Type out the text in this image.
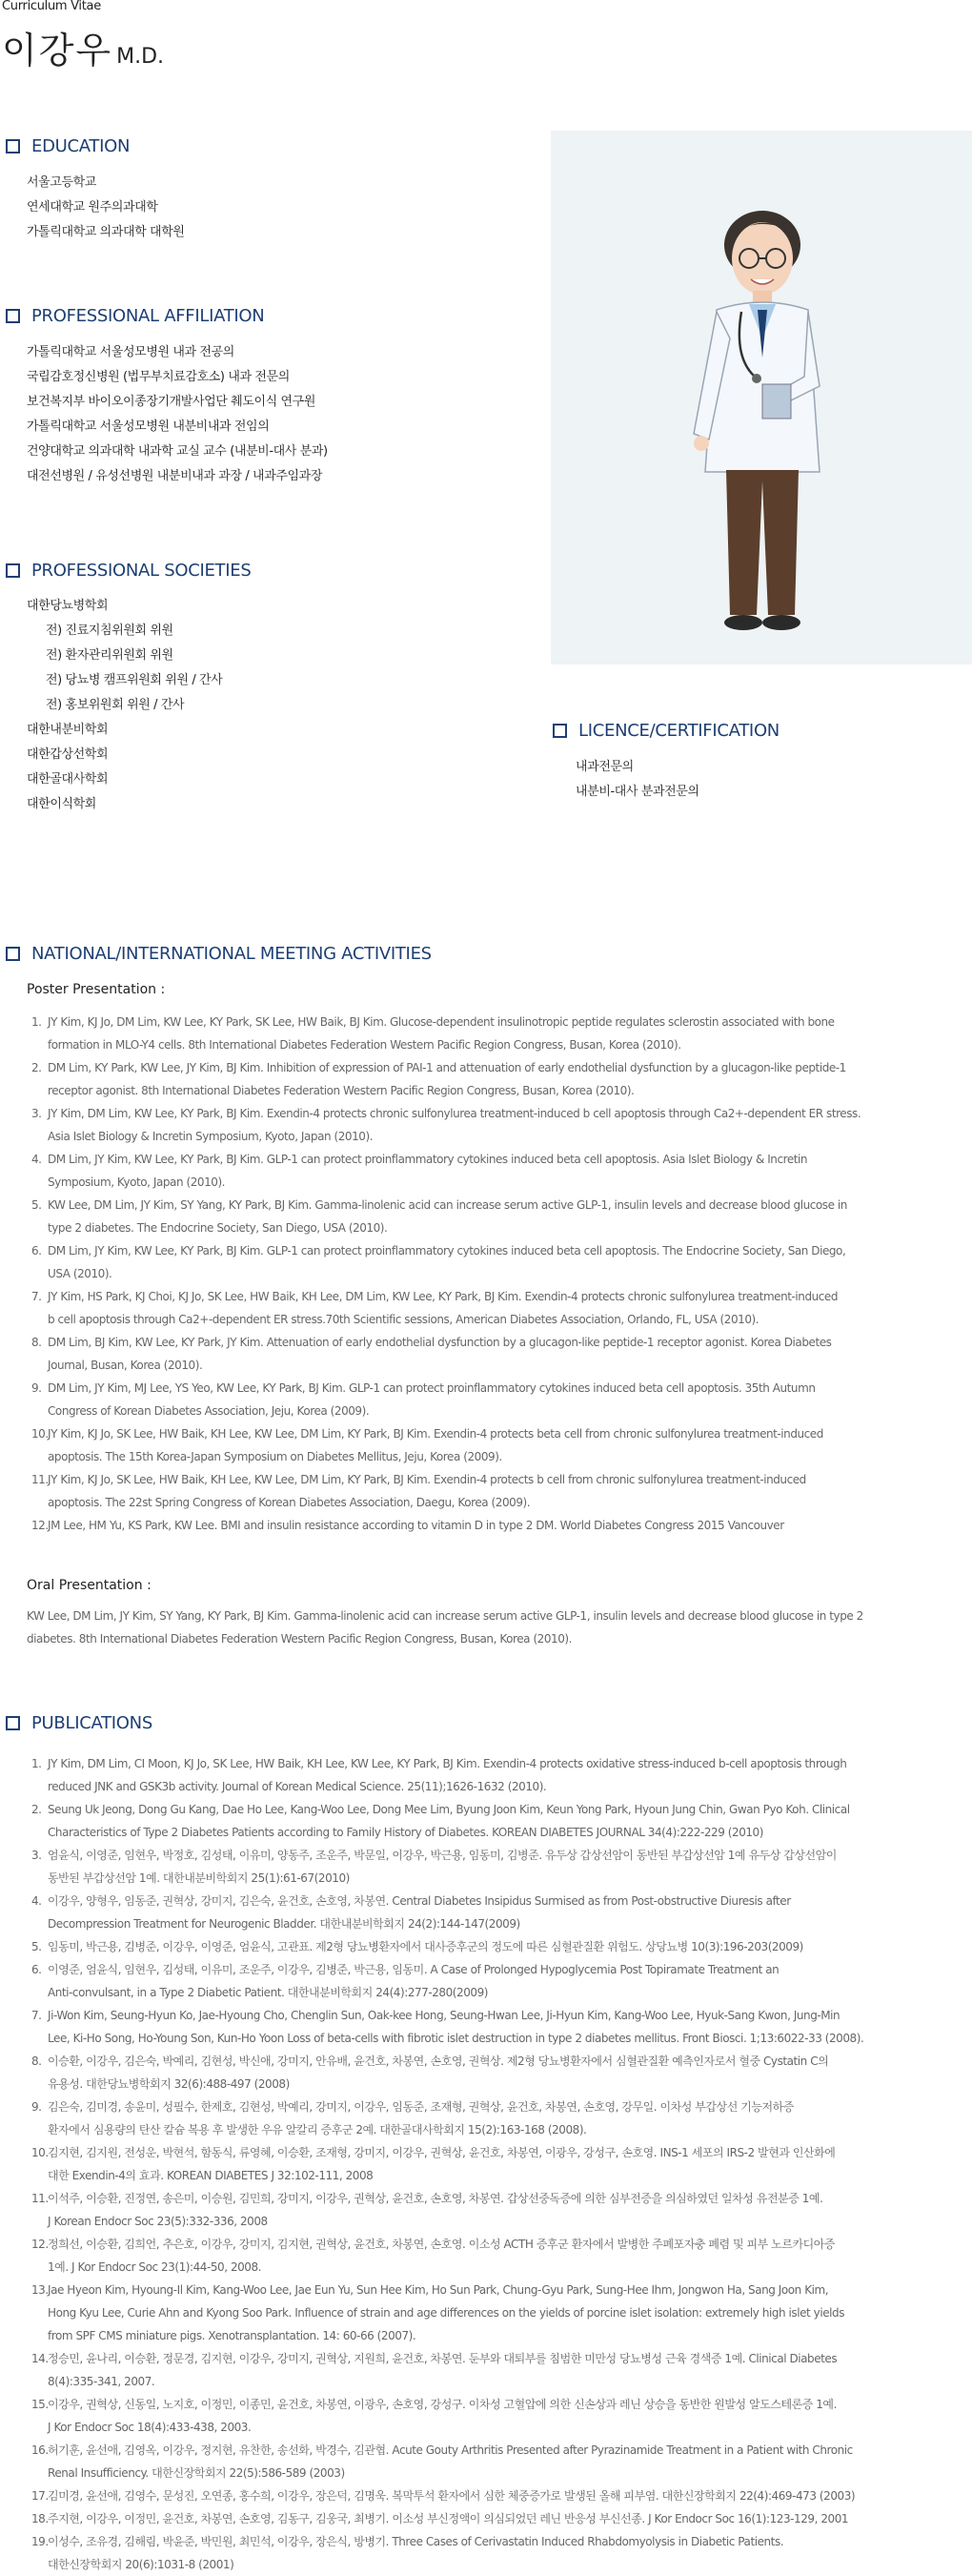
Curriculum Vitae
이강우 M.D.
EDUCATION
서울고등학교
연세대학교 원주의과대학
가톨릭대학교 의과대학 대학원
PROFESSIONAL AFFILIATION
가톨릭대학교 서울성모병원 내과 전공의
국립감호정신병원 (법무부치료감호소) 내과 전문의
보건복지부 바이오이종장기개발사업단 췌도이식 연구원
가톨릭대학교 서울성모병원 내분비내과 전임의
건양대학교 의과대학 내과학 교실 교수 (내분비-대사 분과)
대전선병원 / 유성선병원 내분비내과 과장 / 내과주임과장
PROFESSIONAL SOCIETIES
대한당뇨병학회
전) 진료지침위원회 위원
전) 환자관리위원회 위원
전) 당뇨병 캠프위원회 위원 / 간사
전) 홍보위원회 위원 / 간사
대한내분비학회
대한갑상선학회
대한골대사학회
대한이식학회
LICENCE/CERTIFICATION
내과전문의
내분비-대사 분과전문의
NATIONAL/INTERNATIONAL MEETING ACTIVITIES
Poster Presentation :
1. JY Kim, KJ Jo, DM Lim, KW Lee, KY Park, SK Lee, HW Baik, BJ Kim. Glucose-dependent insulinotropic peptide regulates sclerostin associated with bone
formation in MLO-Y4 cells. 8th International Diabetes Federation Western Pacific Region Congress, Busan, Korea (2010).
2. DM Lim, KY Park, KW Lee, JY Kim, BJ Kim. Inhibition of expression of PAI-1 and attenuation of early endothelial dysfunction by a glucagon-like peptide-1
receptor agonist. 8th International Diabetes Federation Western Pacific Region Congress, Busan, Korea (2010).
3. JY Kim, DM Lim, KW Lee, KY Park, BJ Kim. Exendin-4 protects chronic sulfonylurea treatment-induced b cell apoptosis through Ca2+-dependent ER stress.
Asia Islet Biology & Incretin Symposium, Kyoto, Japan (2010).
4. DM Lim, JY Kim, KW Lee, KY Park, BJ Kim. GLP-1 can protect proinflammatory cytokines induced beta cell apoptosis. Asia Islet Biology & Incretin
Symposium, Kyoto, Japan (2010).
5. KW Lee, DM Lim, JY Kim, SY Yang, KY Park, BJ Kim. Gamma-linolenic acid can increase serum active GLP-1, insulin levels and decrease blood glucose in
type 2 diabetes. The Endocrine Society, San Diego, USA (2010).
6. DM Lim, JY Kim, KW Lee, KY Park, BJ Kim. GLP-1 can protect proinflammatory cytokines induced beta cell apoptosis. The Endocrine Society, San Diego,
USA (2010).
7. JY Kim, HS Park, KJ Choi, KJ Jo, SK Lee, HW Baik, KH Lee, DM Lim, KW Lee, KY Park, BJ Kim. Exendin-4 protects chronic sulfonylurea treatment-induced
b cell apoptosis through Ca2+-dependent ER stress.70th Scientific sessions, American Diabetes Association, Orlando, FL, USA (2010).
8. DM Lim, BJ Kim, KW Lee, KY Park, JY Kim. Attenuation of early endothelial dysfunction by a glucagon-like peptide-1 receptor agonist. Korea Diabetes
Journal, Busan, Korea (2010).
9. DM Lim, JY Kim, MJ Lee, YS Yeo, KW Lee, KY Park, BJ Kim. GLP-1 can protect proinflammatory cytokines induced beta cell apoptosis. 35th Autumn
Congress of Korean Diabetes Association, Jeju, Korea (2009).
10. JY Kim, KJ Jo, SK Lee, HW Baik, KH Lee, KW Lee, DM Lim, KY Park, BJ Kim. Exendin-4 protects beta cell from chronic sulfonylurea treatment-induced
apoptosis. The 15th Korea-Japan Symposium on Diabetes Mellitus, Jeju, Korea (2009).
11. JY Kim, KJ Jo, SK Lee, HW Baik, KH Lee, KW Lee, DM Lim, KY Park, BJ Kim. Exendin-4 protects b cell from chronic sulfonylurea treatment-induced
apoptosis. The 22st Spring Congress of Korean Diabetes Association, Daegu, Korea (2009).
12. JM Lee, HM Yu, KS Park, KW Lee. BMI and insulin resistance according to vitamin D in type 2 DM. World Diabetes Congress 2015 Vancouver
Oral Presentation :
KW Lee, DM Lim, JY Kim, SY Yang, KY Park, BJ Kim. Gamma-linolenic acid can increase serum active GLP-1, insulin levels and decrease blood glucose in type 2
diabetes. 8th International Diabetes Federation Western Pacific Region Congress, Busan, Korea (2010).
PUBLICATIONS
1. JY Kim, DM Lim, CI Moon, KJ Jo, SK Lee, HW Baik, KH Lee, KW Lee, KY Park, BJ Kim. Exendin-4 protects oxidative stress-induced b-cell apoptosis through
reduced JNK and GSK3b activity. Journal of Korean Medical Science. 25(11);1626-1632 (2010).
2. Seung Uk Jeong, Dong Gu Kang, Dae Ho Lee, Kang-Woo Lee, Dong Mee Lim, Byung Joon Kim, Keun Yong Park, Hyoun Jung Chin, Gwan Pyo Koh. Clinical
Characteristics of Type 2 Diabetes Patients according to Family History of Diabetes. KOREAN DIABETES JOURNAL 34(4):222-229 (2010)
3. 엄윤식, 이영준, 임현우, 박정호, 김성태, 이유미, 양동주, 조운주, 박문일, 이강우, 박근용, 임동미, 김병준. 유두상 갑상선암이 동반된 부갑상선암 1예 유두상 갑상선암이
동반된 부갑상선암 1예. 대한내분비학회지 25(1):61-67(2010)
4. 이강우, 양형우, 임동준, 권혁상, 강미지, 김은숙, 윤건호, 손호영, 차봉연. Central Diabetes Insipidus Surmised as from Post-obstructive Diuresis after
Decompression Treatment for Neurogenic Bladder. 대한내분비학회지 24(2):144-147(2009)
5. 임동미, 박근용, 김병준, 이강우, 이영준, 엄윤식, 고관표. 제2형 당뇨병환자에서 대사증후군의 정도에 따른 심혈관질환 위험도. 상당뇨병 10(3):196-203(2009)
6. 이영준, 엄윤식, 임현우, 김성태, 이유미, 조운주, 이강우, 김병준, 박근용, 임동미. A Case of Prolonged Hypoglycemia Post Topiramate Treatment an
Anti-convulsant, in a Type 2 Diabetic Patient. 대한내분비학회지 24(4):277-280(2009)
7. Ji-Won Kim, Seung-Hyun Ko, Jae-Hyoung Cho, Chenglin Sun, Oak-kee Hong, Seung-Hwan Lee, Ji-Hyun Kim, Kang-Woo Lee, Hyuk-Sang Kwon, Jung-Min
Lee, Ki-Ho Song, Ho-Young Son, Kun-Ho Yoon Loss of beta-cells with fibrotic islet destruction in type 2 diabetes mellitus. Front Biosci. 1;13:6022-33 (2008).
8. 이승환, 이강우, 김은숙, 박예리, 김현성, 박신애, 강미지, 안유배, 윤건호, 차봉연, 손호영, 권혁상. 제2형 당뇨병환자에서 심혈관질환 예측인자로서 혈중 Cystatin C의
유용성. 대한당뇨병학회지 32(6):488-497 (2008)
9. 김은숙, 김미경, 송윤미, 성필수, 한제호, 김현성, 박예리, 강미지, 이강우, 임동준, 조재형, 권혁상, 윤건호, 차봉연, 손호영, 강무일. 이차성 부갑상선 기능저하증
환자에서 심용량의 탄산 칼슘 복용 후 발생한 우유 알칼리 증후군 2예. 대한골대사학회지 15(2):163-168 (2008).
10. 김지현, 김지원, 전성운, 박현석, 함동식, 류영혜, 이승환, 조재형, 강미지, 이강우, 권혁상, 윤건호, 차봉연, 이광우, 강성구, 손호영. INS-1 세포의 IRS-2 발현과 인산화에
대한 Exendin-4의 효과. KOREAN DIABETES J 32:102-111, 2008
11. 이석주, 이승환, 진정연, 송은미, 이승원, 김민희, 강미지, 이강우, 권혁상, 윤건호, 손호영, 차봉연. 갑상선중독증에 의한 심부전증을 의심하였던 일차성 유전분증 1예.
J Korean Endocr Soc 23(5):332-336, 2008
12. 정희선, 이승환, 김희언, 추은호, 이강우, 강미지, 김지현, 권혁상, 윤건호, 차봉연, 손호영. 이소성 ACTH 증후군 환자에서 발병한 주폐포자충 폐렴 및 피부 노르카디아증
1예. J Kor Endocr Soc 23(1):44-50, 2008.
13. Jae Hyeon Kim, Hyoung-Il Kim, Kang-Woo Lee, Jae Eun Yu, Sun Hee Kim, Ho Sun Park, Chung-Gyu Park, Sung-Hee Ihm, Jongwon Ha, Sang Joon Kim,
Hong Kyu Lee, Curie Ahn and Kyong Soo Park. Influence of strain and age differences on the yields of porcine islet isolation: extremely high islet yields
from SPF CMS miniature pigs. Xenotransplantation. 14: 60-66 (2007).
14. 정승민, 윤나리, 이승환, 정문경, 김지현, 이강우, 강미지, 권혁상, 지원희, 윤건호, 차봉연. 둔부와 대퇴부를 침범한 미만성 당뇨병성 근육 경색증 1예. Clinical Diabetes
8(4):335-341, 2007.
15. 이강우, 권혁상, 신동일, 노지호, 이정민, 이종민, 윤건호, 차봉연, 이광우, 손호영, 강성구. 이차성 고혈압에 의한 신손상과 레닌 상승을 동반한 원발성 알도스테론증 1예.
J Kor Endocr Soc 18(4):433-438, 2003.
16. 허기훈, 윤선애, 김영옥, 이강우, 정지현, 유찬한, 송선화, 박경수, 김관협. Acute Gouty Arthritis Presented after Pyrazinamide Treatment in a Patient with Chronic
Renal Insufficiency. 대한신장학회지 22(5):586-589 (2003)
17. 김미경, 윤선애, 김영수, 문성진, 오연종, 홍수희, 이강우, 장은덕, 김명욱. 복막투석 환자에서 심한 체중증가로 발생된 올해 피부염. 대한신장학회지 22(4):469-473 (2003)
18. 주지현, 이강우, 이정민, 윤건호, 차봉연, 손호영, 김동구, 김웅국, 최병기. 이소성 부신정액이 의심되었던 레닌 반응성 부신선종. J Kor Endocr Soc 16(1):123-129, 2001
19. 이성수, 조유경, 김해림, 박윤준, 박민원, 최민석, 이강우, 장은식, 방병기. Three Cases of Cerivastatin Induced Rhabdomyolysis in Diabetic Patients.
대한신장학회지 20(6):1031-8 (2001)
